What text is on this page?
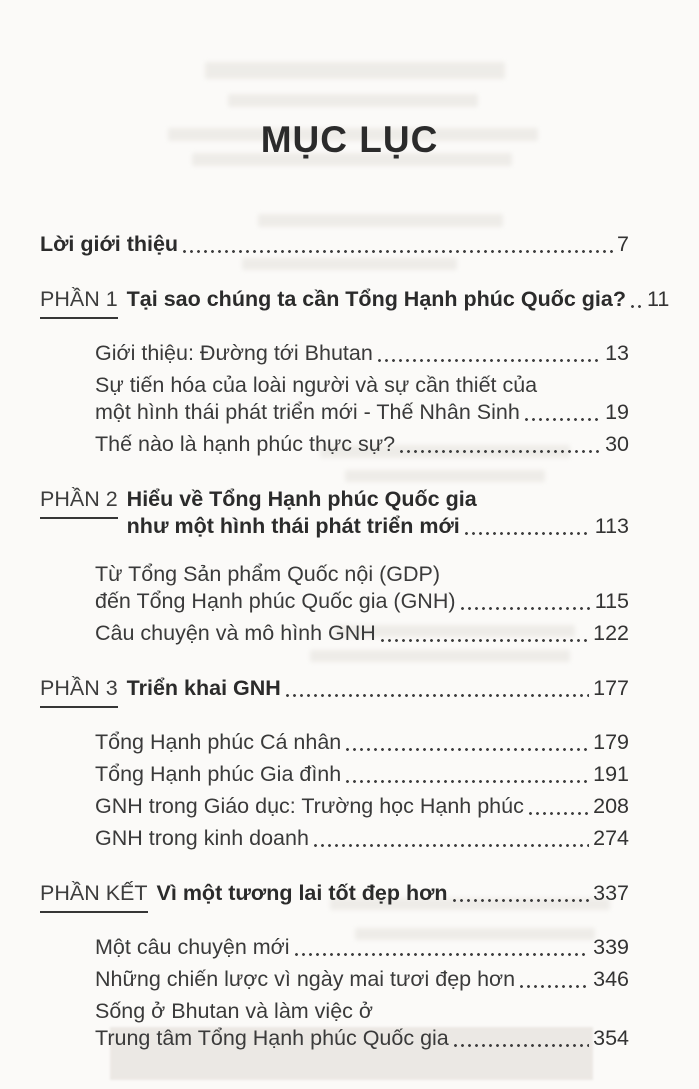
MỤC LỤC
Lời giới thiệu	7
PHẦN 1 Tại sao chúng ta cần Tổng Hạnh phúc Quốc gia? 11
Giới thiệu: Đường tới Bhutan	13
Sự tiến hóa của loài người và sự cần thiết của
một hình thái phát triển mới - Thế Nhân Sinh	19
Thế nào là hạnh phúc thực sự?	30
PHẦN 2 Hiểu về Tổng Hạnh phúc Quốc gia
như một hình thái phát triển mới	113
Từ Tổng Sản phẩm Quốc nội (GDP)
đến Tổng Hạnh phúc Quốc gia (GNH)	115
Câu chuyện và mô hình GNH	122
PHẦN 3 Triển khai GNH	177
Tổng Hạnh phúc Cá nhân	179
Tổng Hạnh phúc Gia đình	191
GNH trong Giáo dục: Trường học Hạnh phúc	208
GNH trong kinh doanh	274
PHẦN KẾT Vì một tương lai tốt đẹp hơn	337
Một câu chuyện mới	339
Những chiến lược vì ngày mai tươi đẹp hơn	346
Sống ở Bhutan và làm việc ở
Trung tâm Tổng Hạnh phúc Quốc gia	354
